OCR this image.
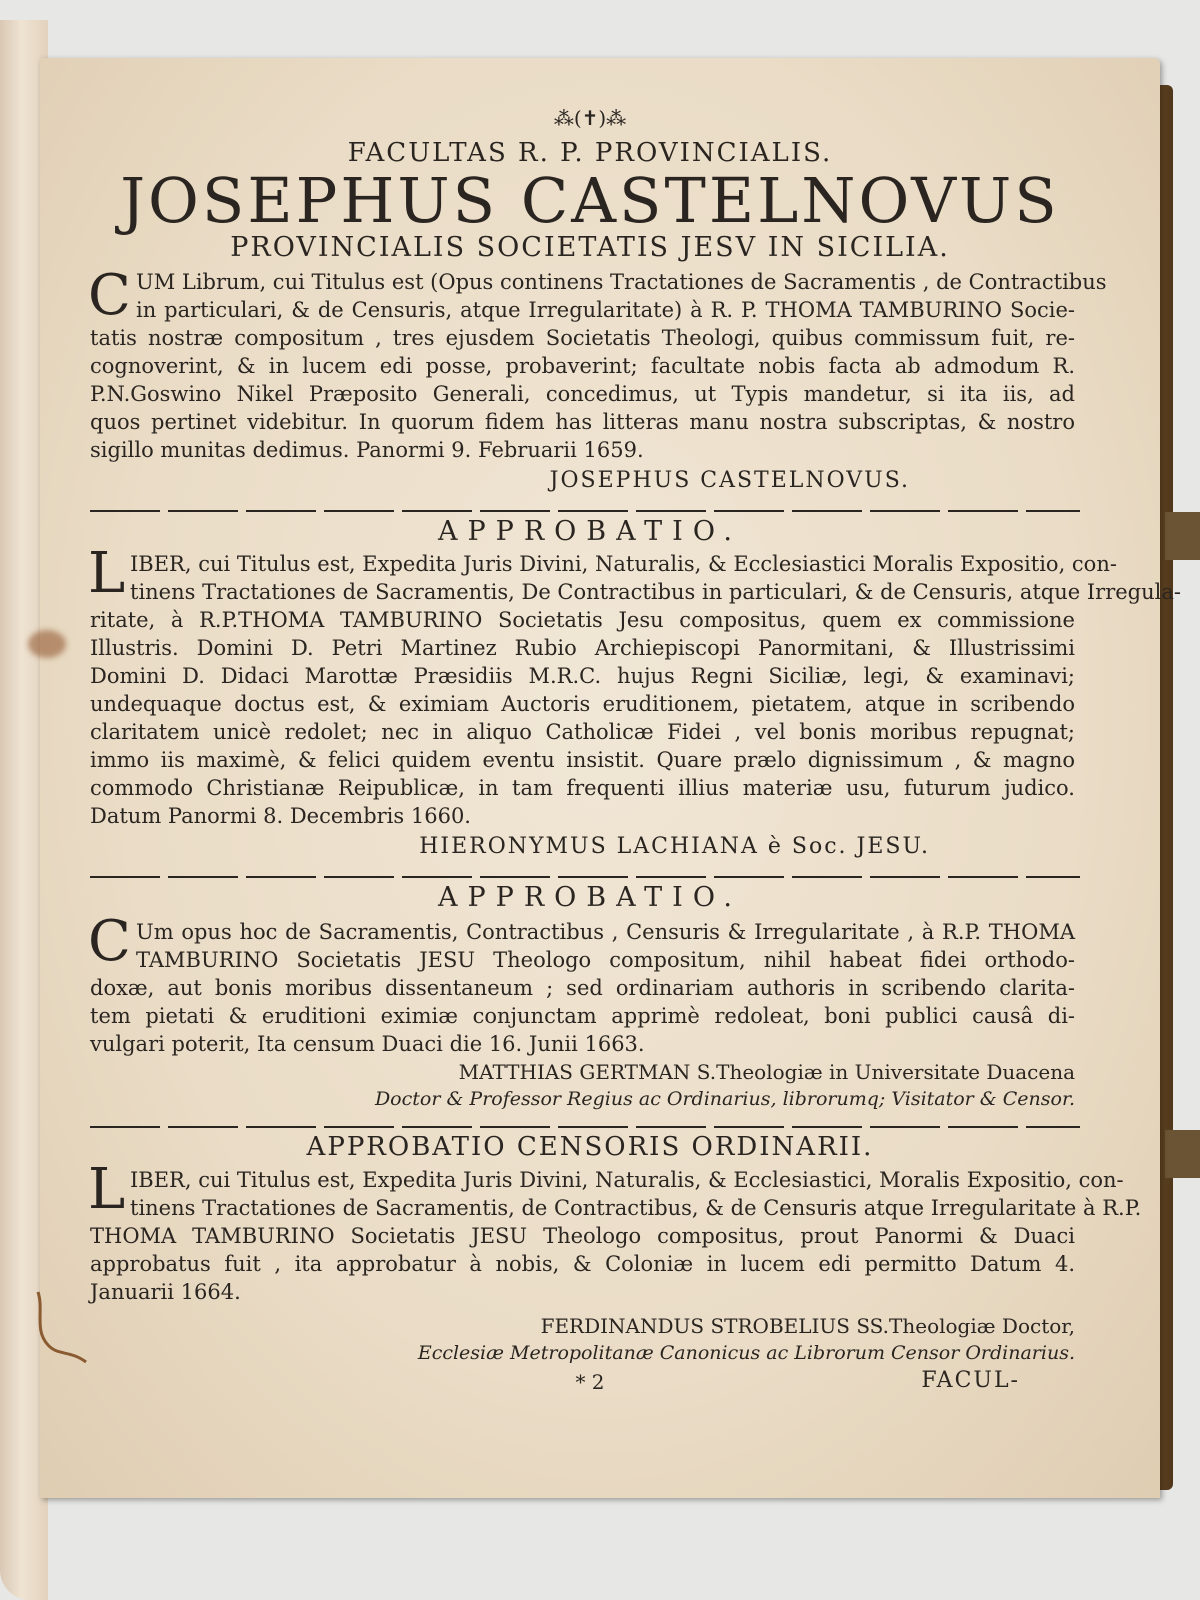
⁂(✝)⁂
FACULTAS R. P. PROVINCIALIS.
JOSEPHUS CASTELNOVUS
PROVINCIALIS SOCIETATIS JESV IN SICILIA.
C UM Librum, cui Titulus est (Opus continens Tractationes de Sacramentis , de Contractibus
in particulari, & de Censuris, atque Irregularitate) à R. P. THOMA TAMBURINO Socie-
tatis nostræ compositum , tres ejusdem Societatis Theologi, quibus commissum fuit, re-
cognoverint, & in lucem edi posse, probaverint; facultate nobis facta ab admodum R.
P.N.Goswino Nikel Præposito Generali, concedimus, ut Typis mandetur, si ita iis, ad
quos pertinet videbitur. In quorum fidem has litteras manu nostra subscriptas, & nostro
sigillo munitas dedimus. Panormi 9. Februarii 1659.
JOSEPHUS CASTELNOVUS.
APPROBATIO.
L IBER, cui Titulus est, Expedita Juris Divini, Naturalis, & Ecclesiastici Moralis Expositio, con-
tinens Tractationes de Sacramentis, De Contractibus in particulari, & de Censuris, atque Irregula-
ritate, à R.P.THOMA TAMBURINO Societatis Jesu compositus, quem ex commissione
Illustris. Domini D. Petri Martinez Rubio Archiepiscopi Panormitani, & Illustrissimi
Domini D. Didaci Marottæ Præsidiis M.R.C. hujus Regni Siciliæ, legi, & examinavi;
undequaque doctus est, & eximiam Auctoris eruditionem, pietatem, atque in scribendo
claritatem unicè redolet; nec in aliquo Catholicæ Fidei , vel bonis moribus repugnat;
immo iis maximè, & felici quidem eventu insistit. Quare prælo dignissimum , & magno
commodo Christianæ Reipublicæ, in tam frequenti illius materiæ usu, futurum judico.
Datum Panormi 8. Decembris 1660.
HIERONYMUS LACHIANA è Soc. JESU.
APPROBATIO.
C Um opus hoc de Sacramentis, Contractibus , Censuris & Irregularitate , à R.P. THOMA
TAMBURINO Societatis JESU Theologo compositum, nihil habeat fidei orthodo-
doxæ, aut bonis moribus dissentaneum ; sed ordinariam authoris in scribendo clarita-
tem pietati & eruditioni eximiæ conjunctam apprimè redoleat, boni publici causâ di-
vulgari poterit, Ita censum Duaci die 16. Junii 1663.
MATTHIAS GERTMAN S.Theologiæ in Universitate Duacena
Doctor & Professor Regius ac Ordinarius, librorumq; Visitator & Censor.
APPROBATIO CENSORIS ORDINARII.
L IBER, cui Titulus est, Expedita Juris Divini, Naturalis, & Ecclesiastici, Moralis Expositio, con-
tinens Tractationes de Sacramentis, de Contractibus, & de Censuris atque Irregularitate à R.P.
THOMA TAMBURINO Societatis JESU Theologo compositus, prout Panormi & Duaci
approbatus fuit , ita approbatur à nobis, & Coloniæ in lucem edi permitto Datum 4.
Januarii 1664.
FERDINANDUS STROBELIUS SS.Theologiæ Doctor,
Ecclesiæ Metropolitanæ Canonicus ac Librorum Censor Ordinarius.
* 2	FACUL-
